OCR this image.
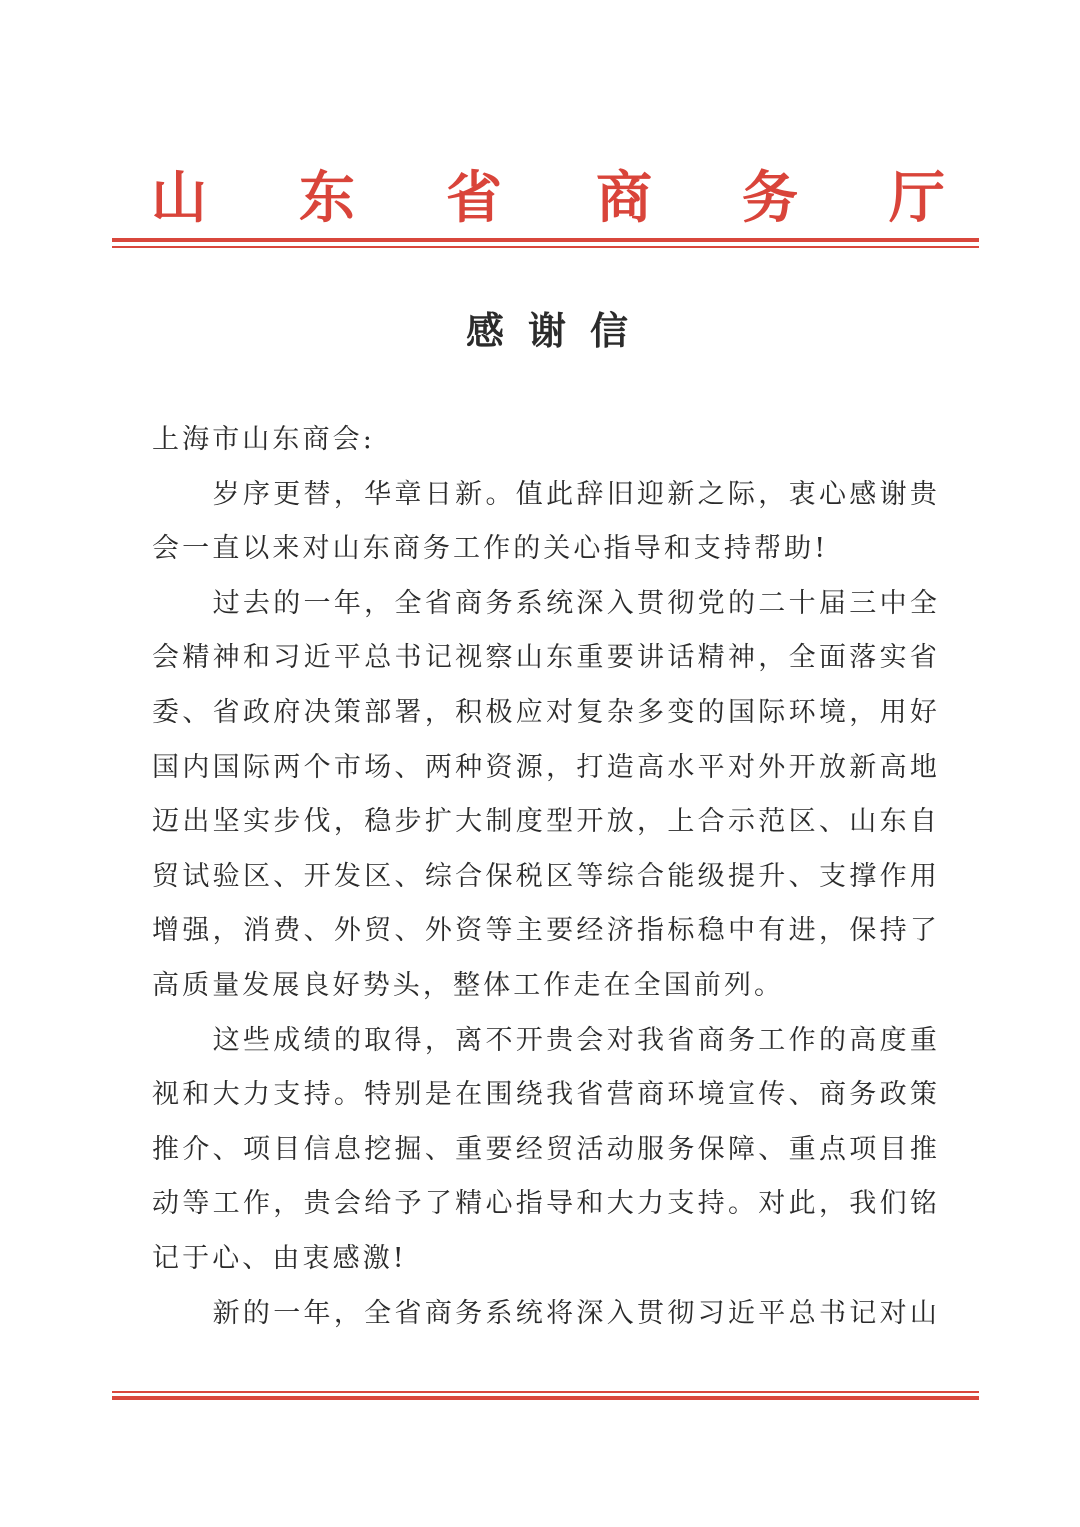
山 东 省 商 务 厅
感谢信
上海市山东商会:
岁序更替，华章日新。值此辞旧迎新之际，衷心感谢贵
会一直以来对山东商务工作的关心指导和支持帮助!
过去的一年，全省商务系统深入贯彻党的二十届三中全
会精神和习近平总书记视察山东重要讲话精神，全面落实省
委、省政府决策部署，积极应对复杂多变的国际环境，用好
国内国际两个市场、两种资源，打造高水平对外开放新高地
迈出坚实步伐，稳步扩大制度型开放，上合示范区、山东自
贸试验区、开发区、综合保税区等综合能级提升、支撑作用
增强，消费、外贸、外资等主要经济指标稳中有进，保持了
高质量发展良好势头，整体工作走在全国前列。
这些成绩的取得，离不开贵会对我省商务工作的高度重
视和大力支持。特别是在围绕我省营商环境宣传、商务政策
推介、项目信息挖掘、重要经贸活动服务保障、重点项目推
动等工作，贵会给予了精心指导和大力支持。对此，我们铭
记于心、由衷感激!
新的一年，全省商务系统将深入贯彻习近平总书记对山
